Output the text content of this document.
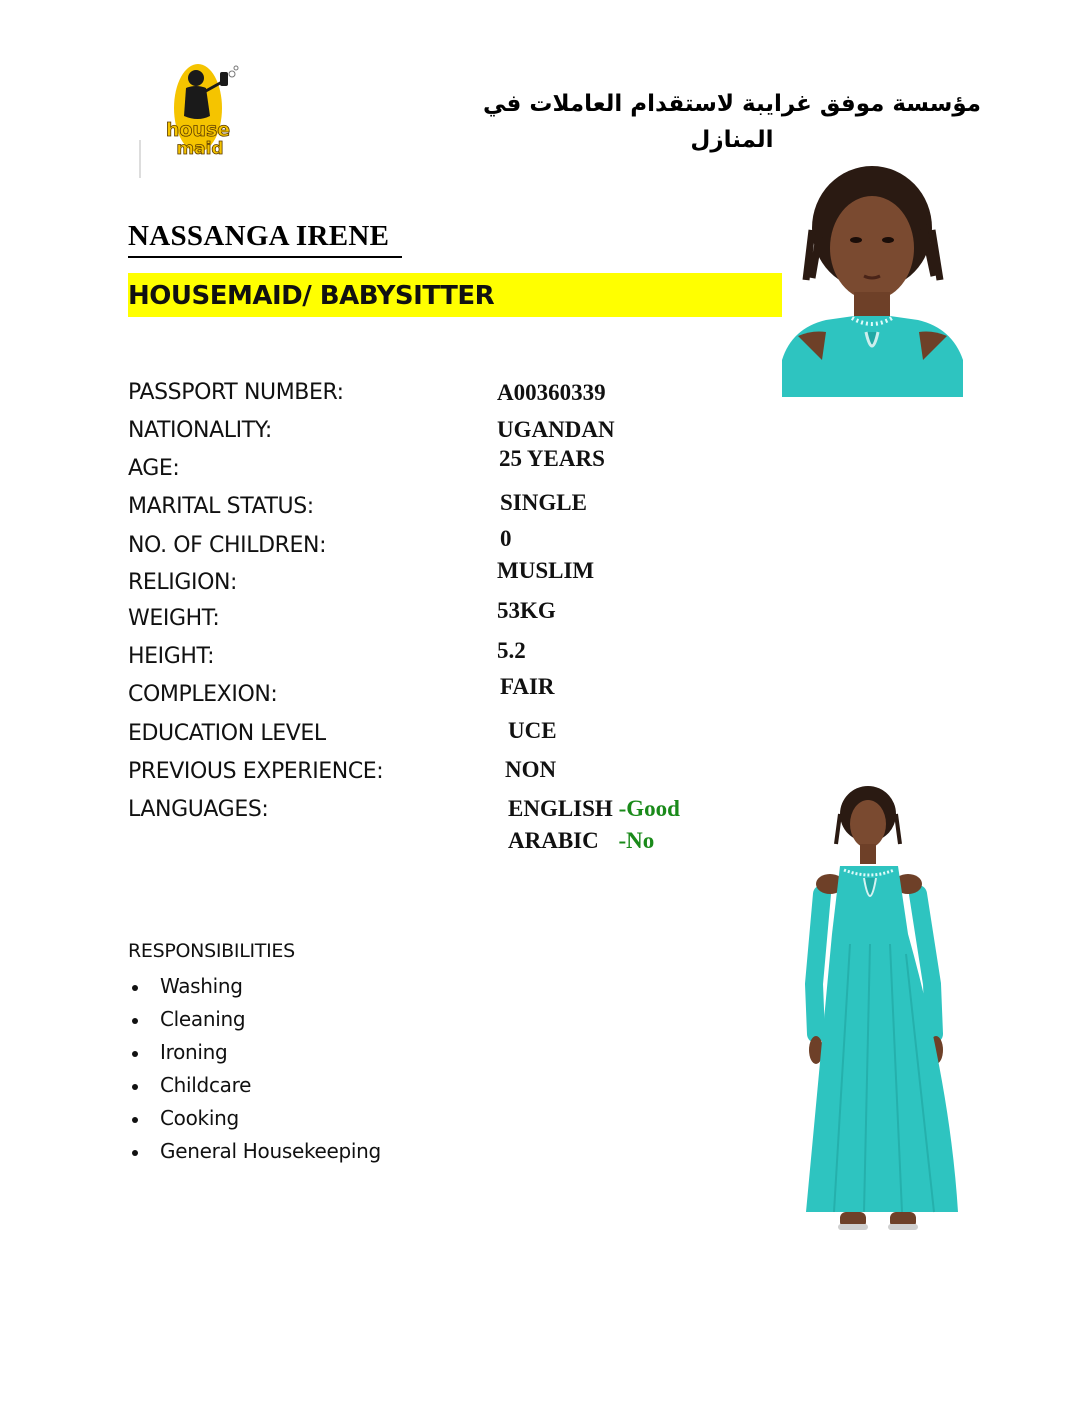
house
maid
مؤسسة موفق غرايبة لاستقدام العاملات في المنازل
NASSANGA IRENE
HOUSEMAID/ BABYSITTER
PASSPORT NUMBER:	A00360339
NATIONALITY:	UGANDAN
AGE:	25 YEARS
MARITAL STATUS:	SINGLE
NO. OF CHILDREN:	0
RELIGION:	MUSLIM
WEIGHT:	53KG
HEIGHT:	5.2
COMPLEXION:	FAIR
EDUCATION LEVEL	UCE
PREVIOUS EXPERIENCE:	NON
LANGUAGES:	ENGLISH -Good
ARABIC -No
RESPONSIBILITIES
Washing
Cleaning
Ironing
Childcare
Cooking
General Housekeeping
